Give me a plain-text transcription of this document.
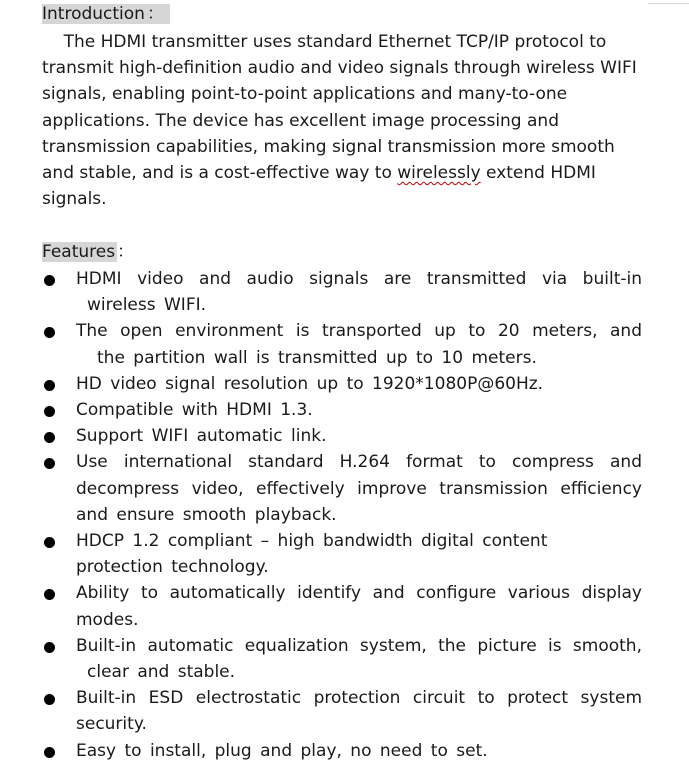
Introduction ：
The HDMI transmitter uses standard Ethernet TCP/IP protocol to
transmit high-definition audio and video signals through wireless WIFI
signals, enabling point-to-point applications and many-to-one
applications. The device has excellent image processing and
transmission capabilities, making signal transmission more smooth
and stable, and is a cost-effective way to wirelessly extend HDMI
signals.
Features ：
HDMI video and audio signals are transmitted via built-in
wireless WIFI.
The open environment is transported up to 20 meters, and
the partition wall is transmitted up to 10 meters.
HD video signal resolution up to 1920*1080P@60Hz.
Compatible with HDMI 1.3.
Support WIFI automatic link.
Use international standard H.264 format to compress and
decompress video, effectively improve transmission efficiency
and ensure smooth playback.
HDCP 1.2 compliant – high bandwidth digital content
protection technology.
Ability to automatically identify and configure various display
modes.
Built-in automatic equalization system, the picture is smooth,
clear and stable.
Built-in ESD electrostatic protection circuit to protect system
security.
Easy to install, plug and play, no need to set.
